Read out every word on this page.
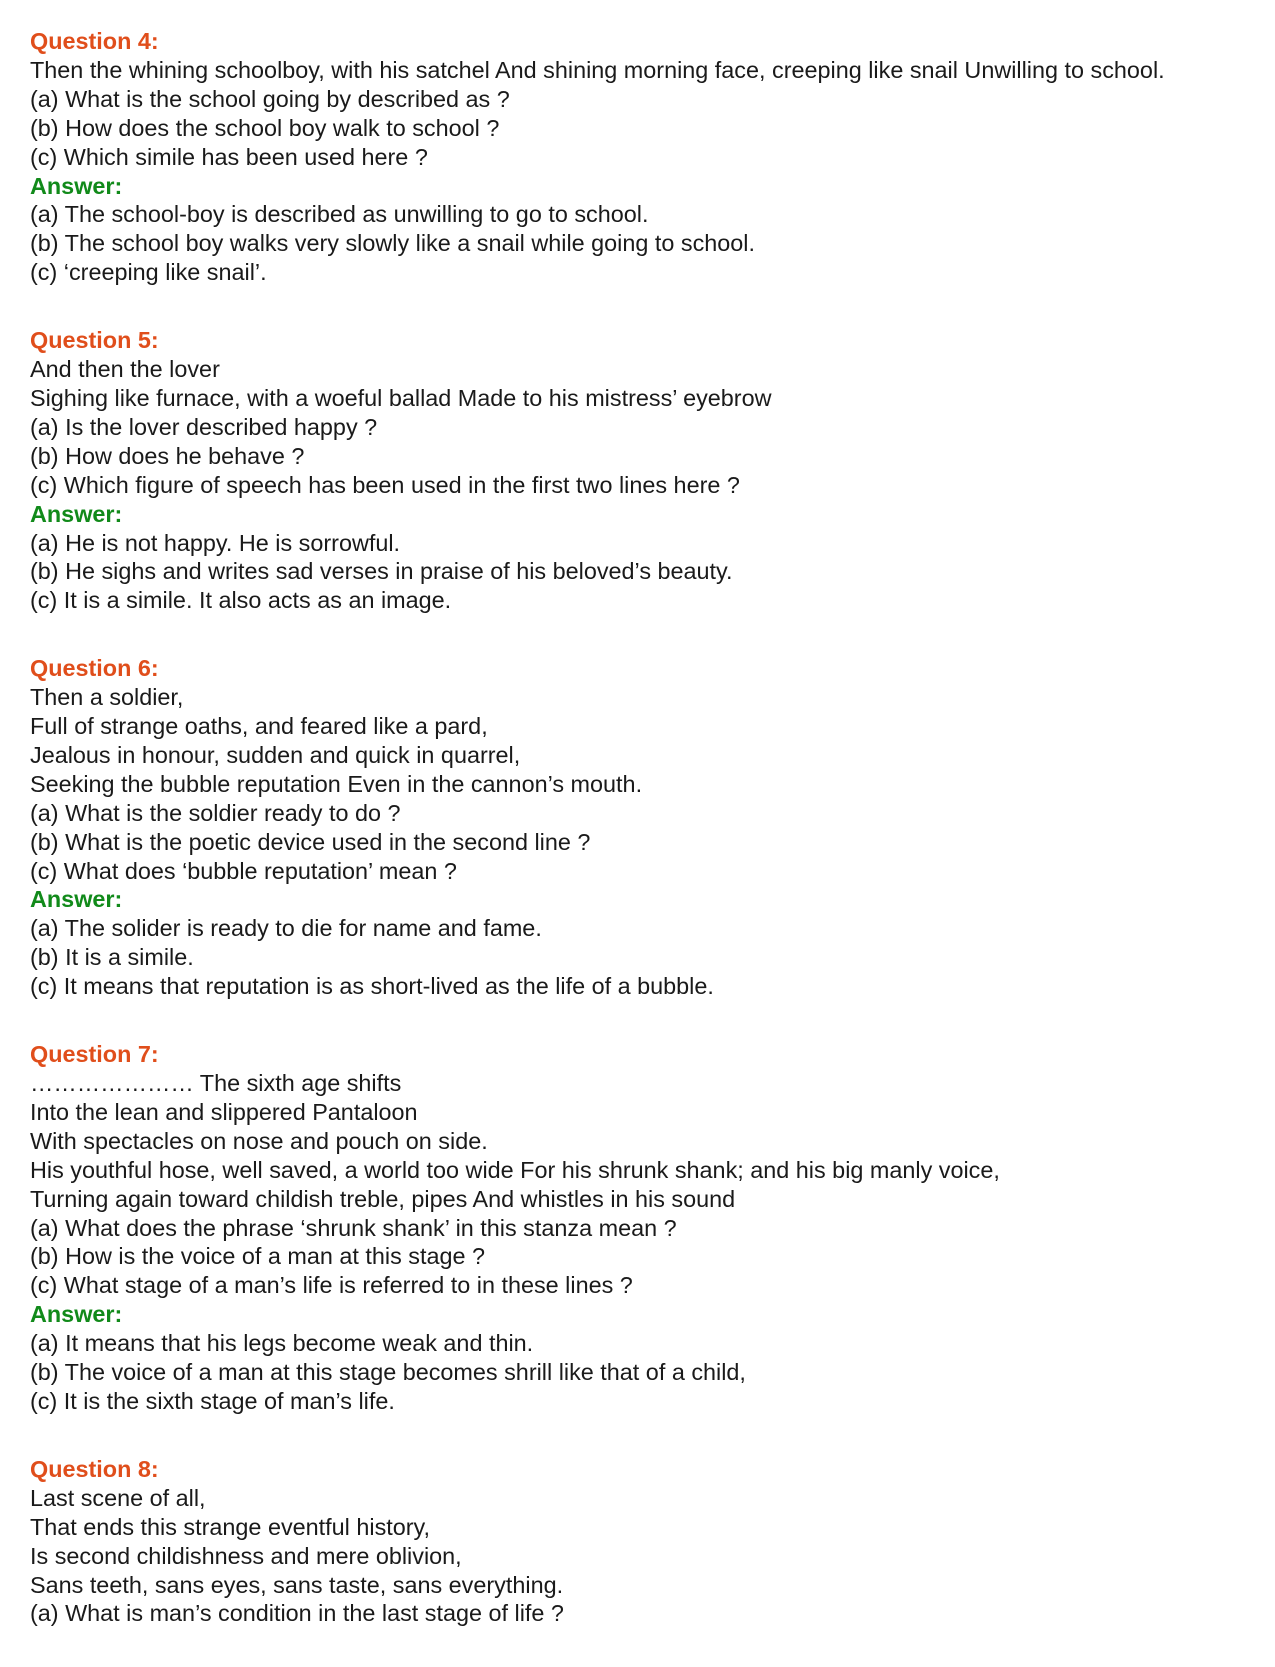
Question 4:
Then the whining schoolboy, with his satchel And shining morning face, creeping like snail Unwilling to school.
(a) What is the school going by described as ?
(b) How does the school boy walk to school ?
(c) Which simile has been used here ?
Answer:
(a) The school-boy is described as unwilling to go to school.
(b) The school boy walks very slowly like a snail while going to school.
(c) ‘creeping like snail’.
Question 5:
And then the lover
Sighing like furnace, with a woeful ballad Made to his mistress’ eyebrow
(a) Is the lover described happy ?
(b) How does he behave ?
(c) Which figure of speech has been used in the first two lines here ?
Answer:
(a) He is not happy. He is sorrowful.
(b) He sighs and writes sad verses in praise of his beloved’s beauty.
(c) It is a simile. It also acts as an image.
Question 6:
Then a soldier,
Full of strange oaths, and feared like a pard,
Jealous in honour, sudden and quick in quarrel,
Seeking the bubble reputation Even in the cannon’s mouth.
(a) What is the soldier ready to do ?
(b) What is the poetic device used in the second line ?
(c) What does ‘bubble reputation’ mean ?
Answer:
(a) The solider is ready to die for name and fame.
(b) It is a simile.
(c) It means that reputation is as short-lived as the life of a bubble.
Question 7:
………………… The sixth age shifts
Into the lean and slippered Pantaloon
With spectacles on nose and pouch on side.
His youthful hose, well saved, a world too wide For his shrunk shank; and his big manly voice,
Turning again toward childish treble, pipes And whistles in his sound
(a) What does the phrase ‘shrunk shank’ in this stanza mean ?
(b) How is the voice of a man at this stage ?
(c) What stage of a man’s life is referred to in these lines ?
Answer:
(a) It means that his legs become weak and thin.
(b) The voice of a man at this stage becomes shrill like that of a child,
(c) It is the sixth stage of man’s life.
Question 8:
Last scene of all,
That ends this strange eventful history,
Is second childishness and mere oblivion,
Sans teeth, sans eyes, sans taste, sans everything.
(a) What is man’s condition in the last stage of life ?
